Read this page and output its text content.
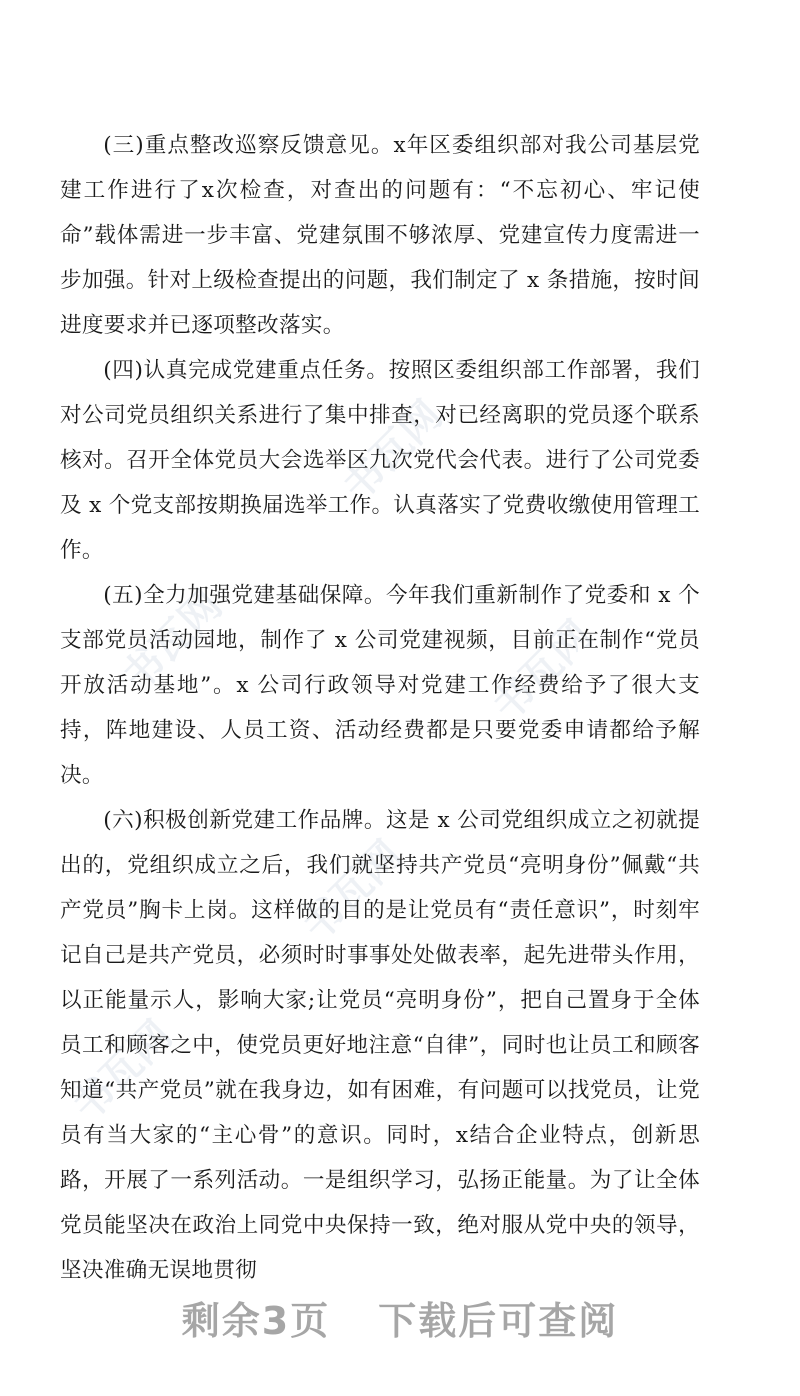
书瓦网
书瓦网	书瓦网
书瓦网
书瓦网

(三)重点整改巡察反馈意见。x年区委组织部对我公司基层党建工作进行了x次检查，对查出的问题有：“不忘初心、牢记使命”载体需进一步丰富、党建氛围不够浓厚、党建宣传力度需进一步加强。针对上级检查提出的问题，我们制定了 x 条措施，按时间进度要求并已逐项整改落实。

(四)认真完成党建重点任务。按照区委组织部工作部署，我们对公司党员组织关系进行了集中排查，对已经离职的党员逐个联系核对。召开全体党员大会选举区九次党代会代表。进行了公司党委及 x 个党支部按期换届选举工作。认真落实了党费收缴使用管理工作。

(五)全力加强党建基础保障。今年我们重新制作了党委和 x 个支部党员活动园地，制作了 x 公司党建视频，目前正在制作“党员开放活动基地”。x 公司行政领导对党建工作经费给予了很大支持，阵地建设、人员工资、活动经费都是只要党委申请都给予解决。

(六)积极创新党建工作品牌。这是 x 公司党组织成立之初就提出的，党组织成立之后，我们就坚持共产党员“亮明身份”佩戴“共产党员”胸卡上岗。这样做的目的是让党员有“责任意识”，时刻牢记自己是共产党员，必须时时事事处处做表率，起先进带头作用，以正能量示人，影响大家;让党员“亮明身份”，把自己置身于全体员工和顾客之中，使党员更好地注意“自律”，同时也让员工和顾客知道“共产党员”就在我身边，如有困难，有问题可以找党员，让党员有当大家的“主心骨”的意识。同时，x结合企业特点，创新思路，开展了一系列活动。一是组织学习，弘扬正能量。为了让全体党员能坚决在政治上同党中央保持一致，绝对服从党中央的领导，坚决准确无误地贯彻

剩余3页 下载后可查阅
